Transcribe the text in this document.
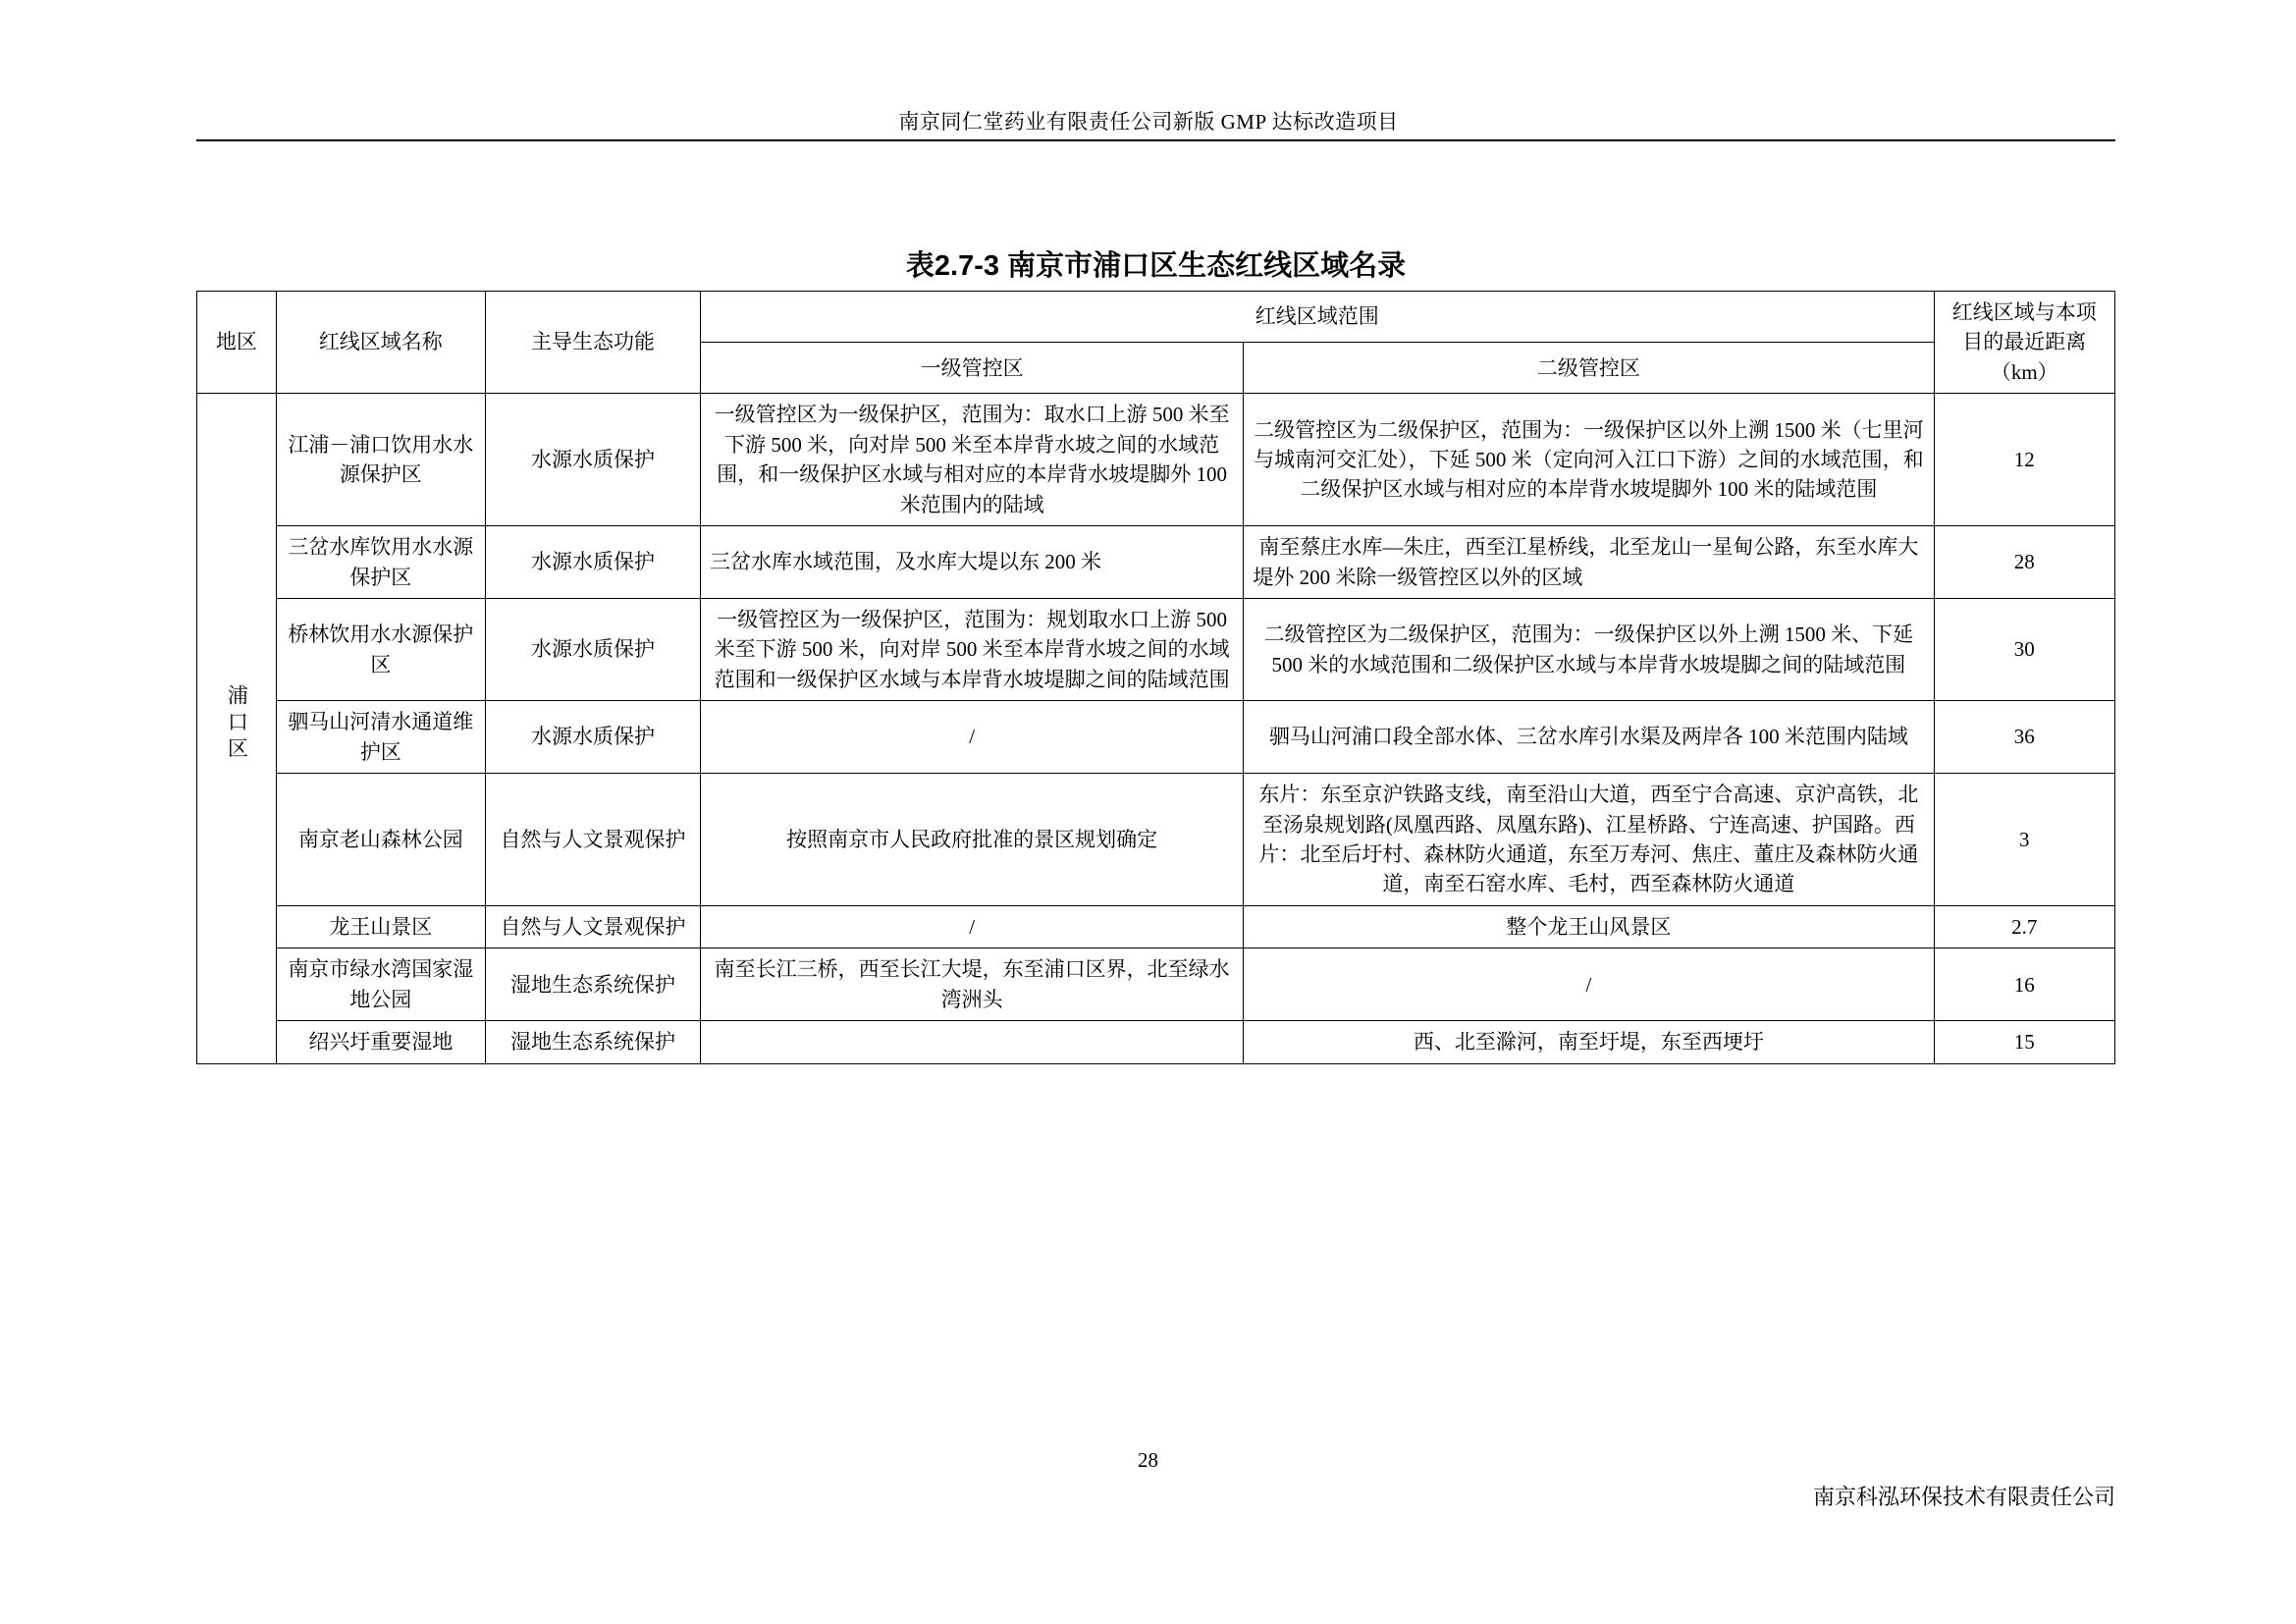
南京同仁堂药业有限责任公司新版 GMP 达标改造项目
表2.7-3 南京市浦口区生态红线区域名录
地区	红线区域名称	主导生态功能	红线区域范围		红线区域与本项目的最近距离（km）
			一级管控区	二级管控区	
浦口区	江浦－浦口饮用水水源保护区	水源水质保护	一级管控区为一级保护区，范围为：取水口上游 500 米至下游 500 米，向对岸 500 米至本岸背水坡之间的水域范围，和一级保护区水域与相对应的本岸背水坡堤脚外 100 米范围内的陆域	二级管控区为二级保护区，范围为：一级保护区以外上溯 1500 米（七里河与城南河交汇处），下延 500 米（定向河入江口下游）之间的水域范围，和二级保护区水域与相对应的本岸背水坡堤脚外 100 米的陆域范围	12
	三岔水库饮用水水源保护区	水源水质保护	三岔水库水域范围，及水库大堤以东 200 米	南至蔡庄水库—朱庄，西至江星桥线，北至龙山一星甸公路，东至水库大堤外 200 米除一级管控区以外的区域	28
	桥林饮用水水源保护区	水源水质保护	一级管控区为一级保护区，范围为：规划取水口上游 500 米至下游 500 米，向对岸 500 米至本岸背水坡之间的水域范围和一级保护区水域与本岸背水坡堤脚之间的陆域范围	二级管控区为二级保护区，范围为：一级保护区以外上溯 1500 米、下延 500 米的水域范围和二级保护区水域与本岸背水坡堤脚之间的陆域范围	30
	驷马山河清水通道维护区	水源水质保护	/	驷马山河浦口段全部水体、三岔水库引水渠及两岸各 100 米范围内陆域	36
	南京老山森林公园	自然与人文景观保护	按照南京市人民政府批准的景区规划确定	东片：东至京沪铁路支线，南至沿山大道，西至宁合高速、京沪高铁，北至汤泉规划路(凤凰西路、凤凰东路)、江星桥路、宁连高速、护国路。西片：北至后圩村、森林防火通道，东至万寿河、焦庄、董庄及森林防火通道，南至石窑水库、毛村，西至森林防火通道	3
	龙王山景区	自然与人文景观保护	/	整个龙王山风景区	2.7
	南京市绿水湾国家湿地公园	湿地生态系统保护	南至长江三桥，西至长江大堤，东至浦口区界，北至绿水湾洲头	/	16
	绍兴圩重要湿地	湿地生态系统保护		西、北至滁河，南至圩堤，东至西埂圩	15
28
南京科泓环保技术有限责任公司
